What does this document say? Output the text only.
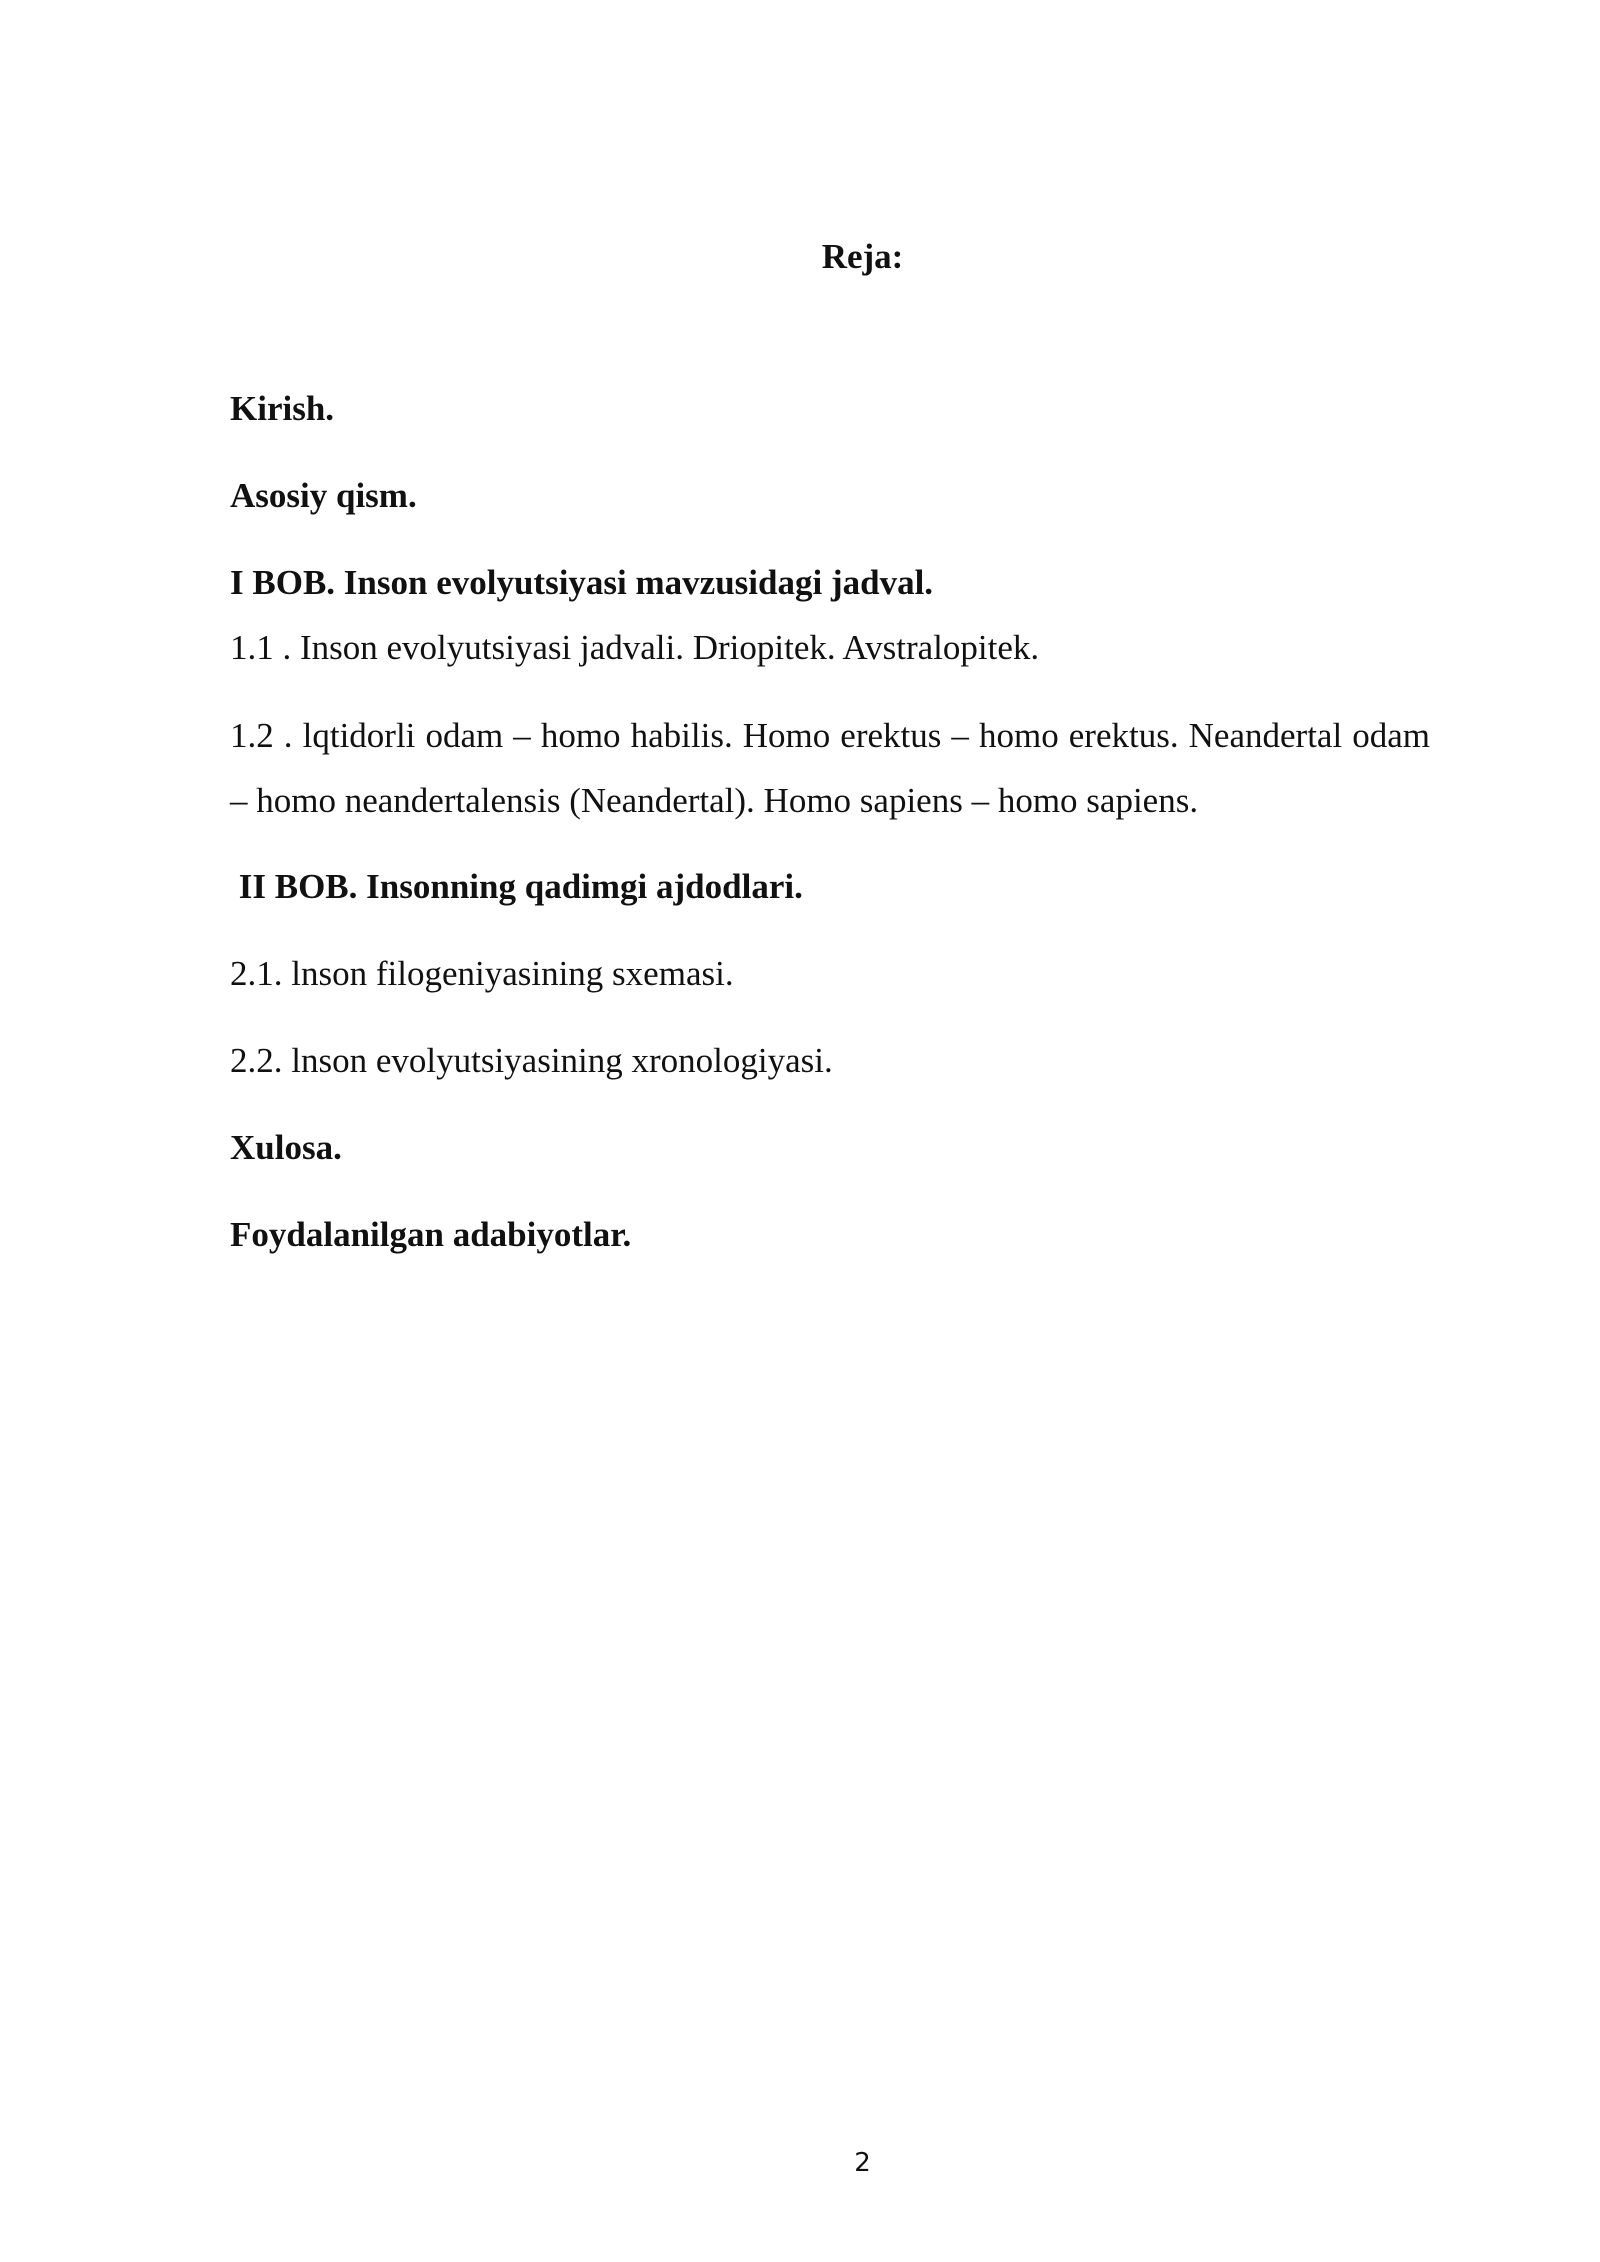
Reja:

Kirish.

Asosiy qism.

I BOB. Inson evolyutsiyasi mavzusidagi jadval.

1.1 . Inson evolyutsiyasi jadvali. Driopitek. Avstralopitek.

1.2 . lqtidorli odam – homo habilis. Homo erektus – homo erektus. Neandertal odam – homo neandertalensis (Neandertal). Homo sapiens – homo sapiens.

II BOB. Insonning qadimgi ajdodlari.

2.1. lnson filogeniyasining sxemasi.

2.2. lnson evolyutsiyasining xronologiyasi.

Xulosa.

Foydalanilgan adabiyotlar.

2
